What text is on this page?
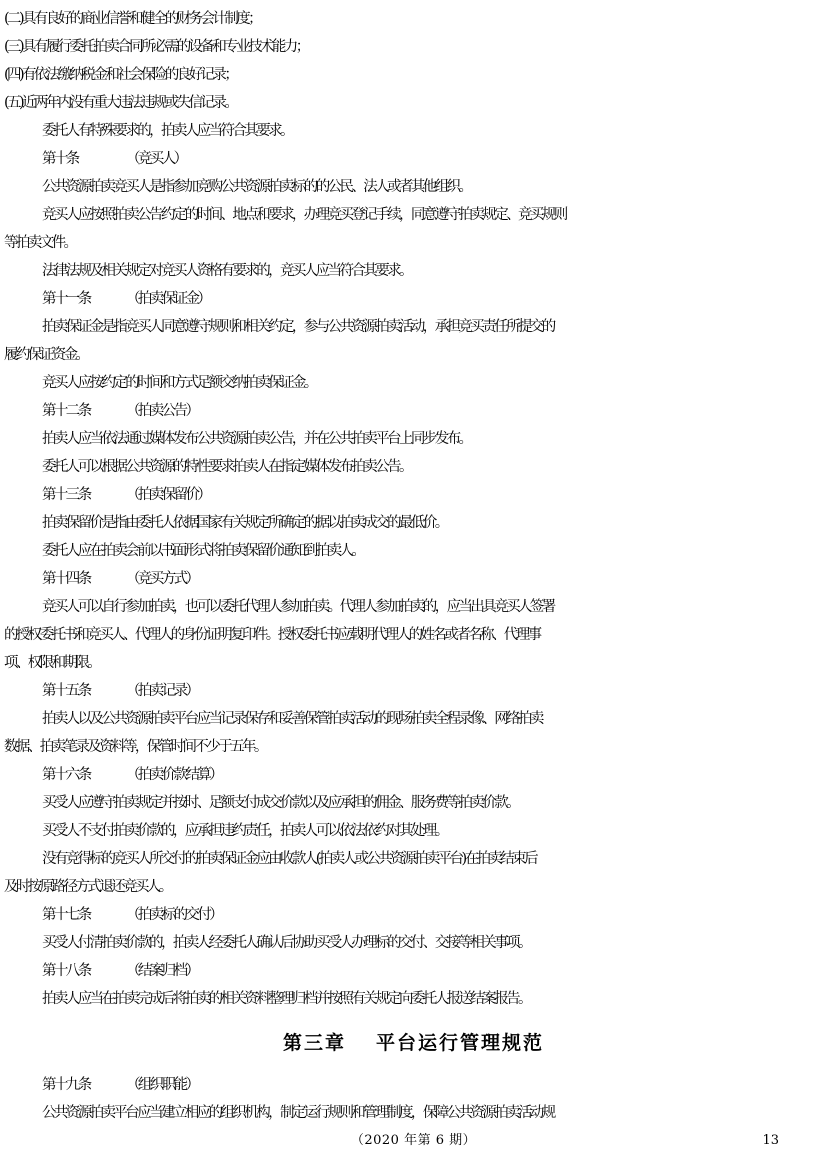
(二)具有良好的商业信誉和健全的财务会计制度；
(三)具有履行委托拍卖合同所必需的设备和专业技术能力；
(四)有依法缴纳税金和社会保险的良好记录；
(五)近两年内没有重大违法违规或失信记录。
委托人有特殊要求的，拍卖人应当符合其要求。
第十条	（竞买人）
公共资源拍卖竞买人是指参加竞购公共资源拍卖标的的公民、法人或者其他组织。
竞买人应按照拍卖公告约定的时间、地点和要求，办理竞买登记手续，同意遵守拍卖规定、竞买规则
等拍卖文件。
法律法规及相关规定对竞买人资格有要求的，竞买人应当符合其要求。
第十一条	（拍卖保证金）
拍卖保证金是指竞买人同意遵守规则和相关约定，参与公共资源拍卖活动，承担竞买责任所提交的
履约保证资金。
竞买人应按约定的时间和方式足额交纳拍卖保证金。
第十二条	（拍卖公告）
拍卖人应当依法通过媒体发布公共资源拍卖公告，并在公共拍卖平台上同步发布。
委托人可以根据公共资源的特性要求拍卖人在指定媒体发布拍卖公告。
第十三条	（拍卖保留价）
拍卖保留价是指由委托人依据国家有关规定所确定的据以拍卖成交的最低价。
委托人应在拍卖会前以书面形式将拍卖保留价通知到拍卖人。
第十四条	（竞买方式）
竞买人可以自行参加拍卖，也可以委托代理人参加拍卖。代理人参加拍卖的，应当出具竞买人签署
的授权委托书和竞买人、代理人的身份证明复印件。授权委托书应载明代理人的姓名或者名称、代理事
项、权限和期限。
第十五条	（拍卖记录）
拍卖人以及公共资源拍卖平台应当记录保存和妥善保管拍卖活动的现场拍卖全程录像、网络拍卖
数据、拍卖笔录及资料等，保管时间不少于五年。
第十六条	（拍卖价款结算）
买受人应遵守拍卖规定并按时、足额支付成交价款以及应承担的佣金、服务费等拍卖价款。
买受人不支付拍卖价款的，应承担违约责任，拍卖人可以依法依约对其处理。
没有竞得标的竞买人所交付的拍卖保证金应由收款人(拍卖人或公共资源拍卖平台)在拍卖结束后
及时按原路径方式退还竞买人。
第十七条	（拍卖标的交付）
买受人付清拍卖价款的，拍卖人经委托人确认后协助买受人办理标的交付、交接等相关事项。
第十八条	（结案归档）
拍卖人应当在拍卖完成后将拍卖的相关资料整理归档并按照有关规定向委托人报送结案报告。
第三章 平台运行管理规范
第十九条	（组织职能）
公共资源拍卖平台应当建立相应的组织机构，制定运行规则和管理制度，保障公共资源拍卖活动规
（2020 年第 6 期）	13
